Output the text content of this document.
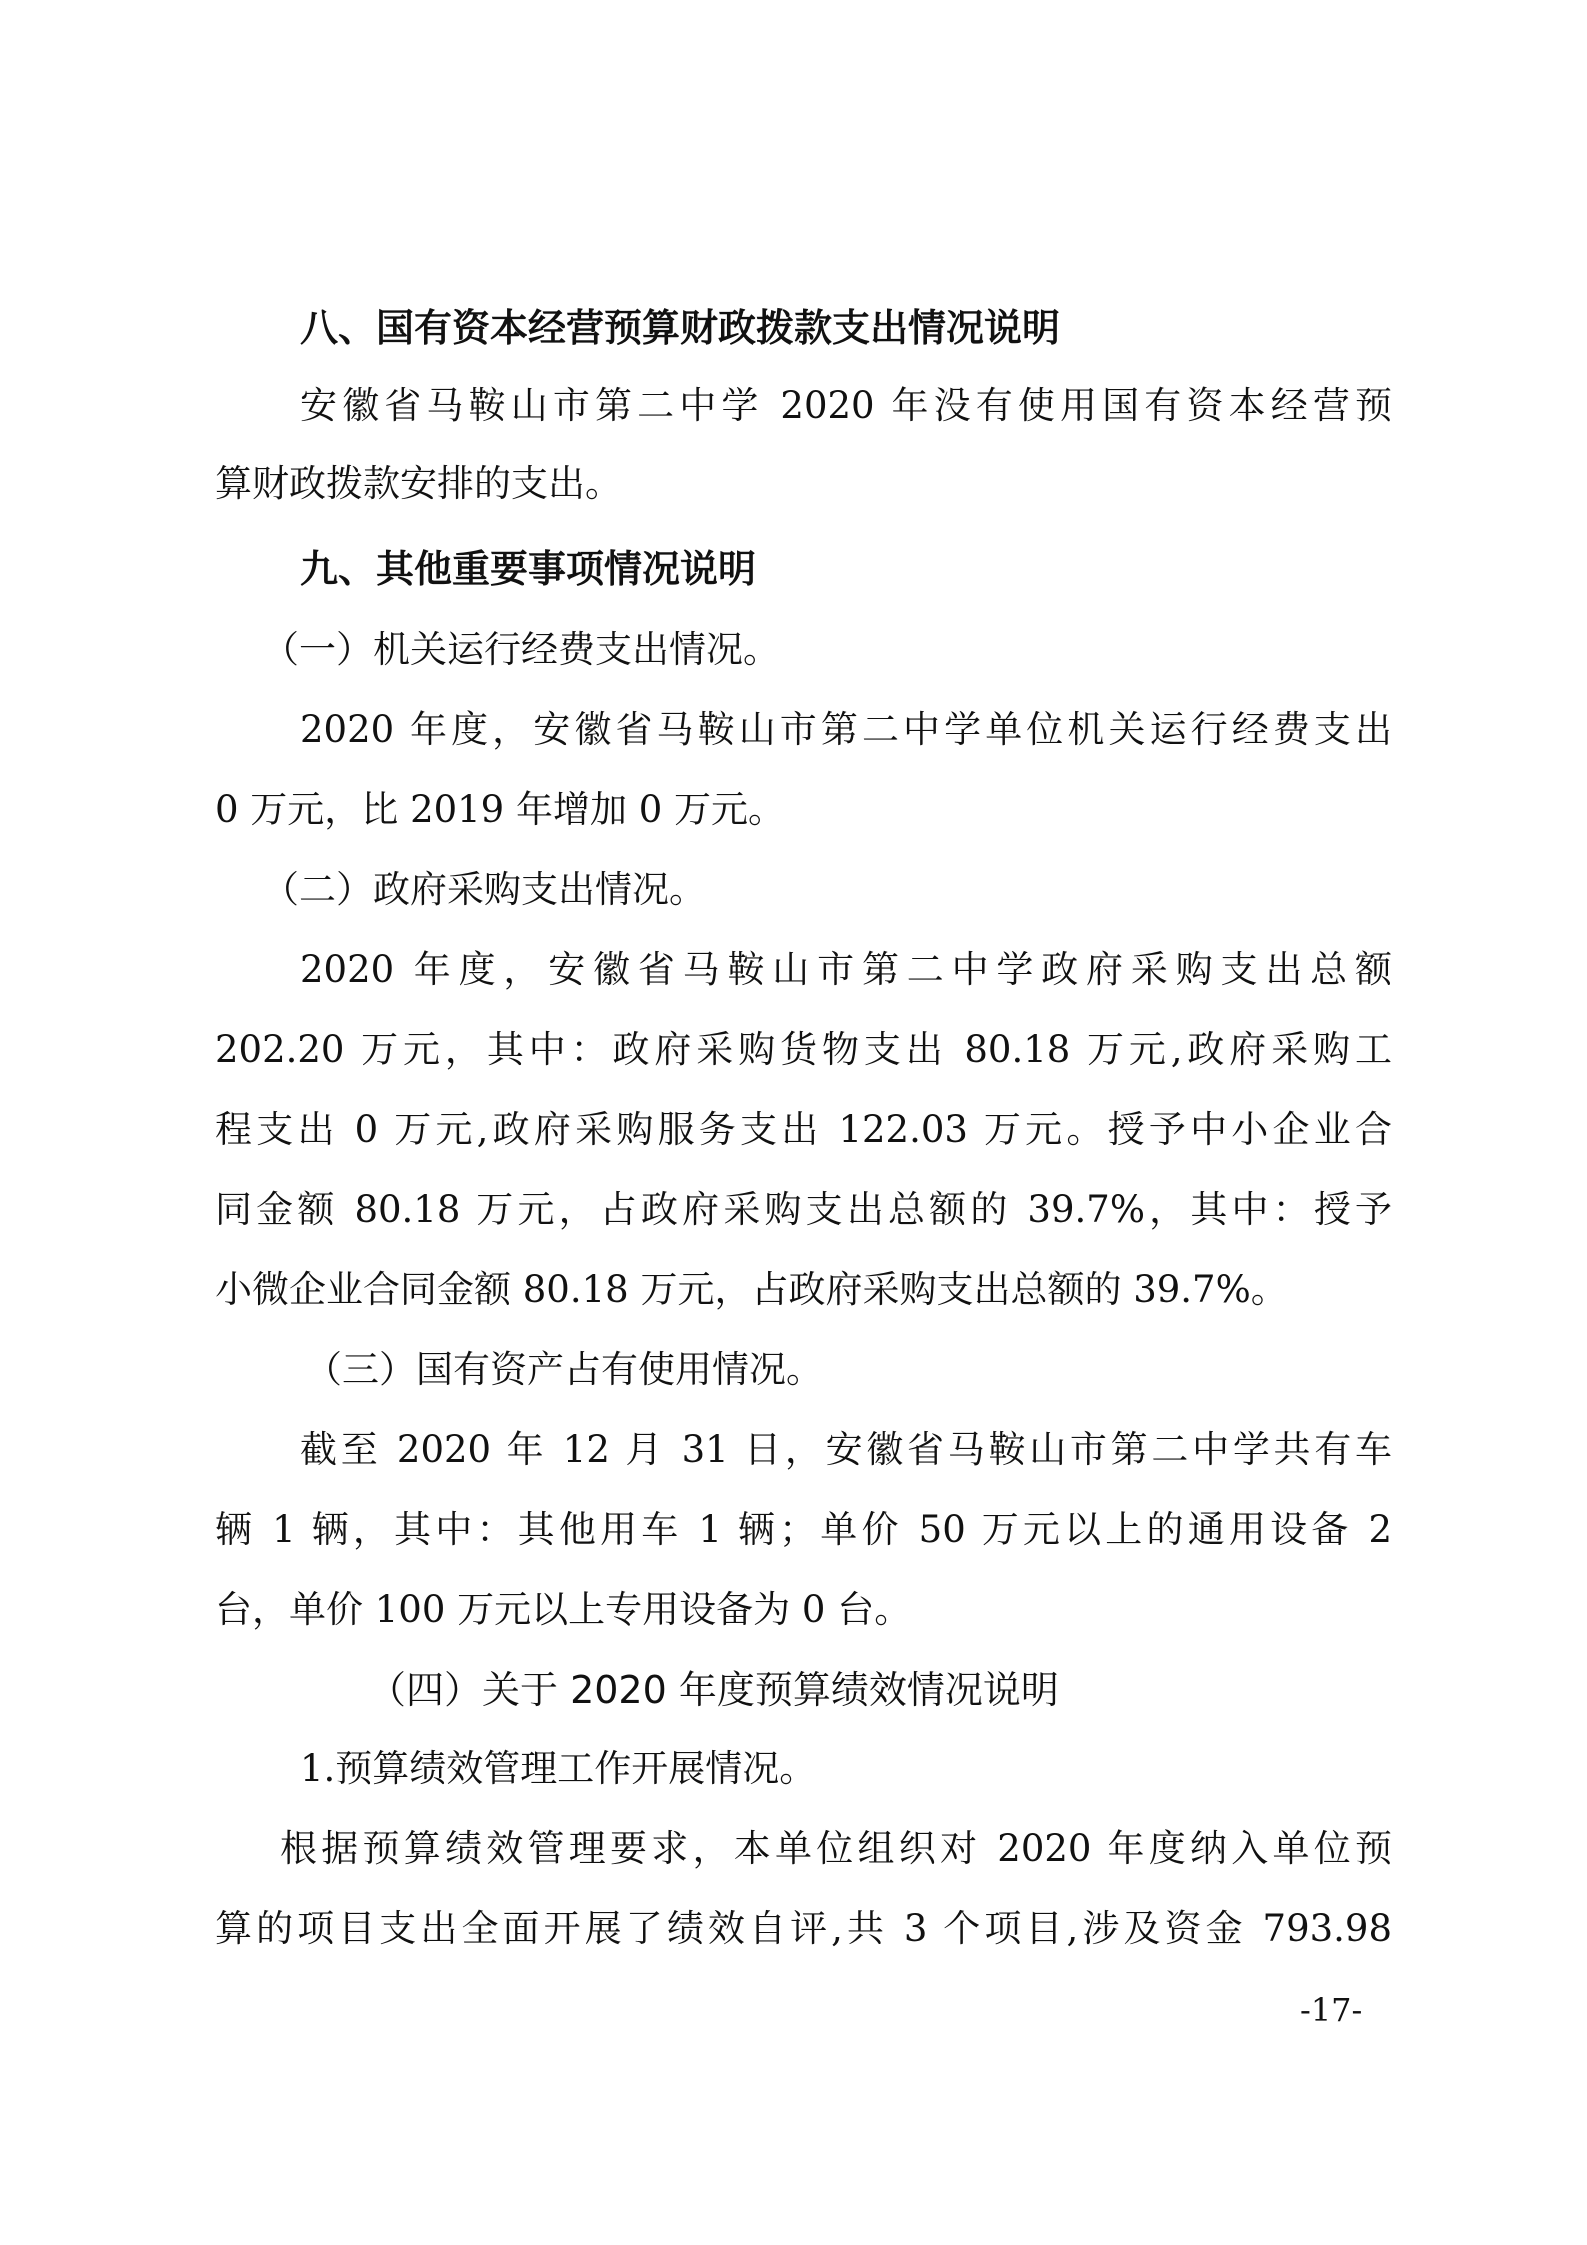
八、国有资本经营预算财政拨款支出情况说明
安徽省马鞍山市第二中学 2020 年没有使用国有资本经营预
算财政拨款安排的支出。
九、其他重要事项情况说明
（一）机关运行经费支出情况。
2020 年度，安徽省马鞍山市第二中学单位机关运行经费支出
0 万元，比 2019 年增加 0 万元。
（二）政府采购支出情况。
2020 年度，安徽省马鞍山市第二中学政府采购支出总额
202.20 万元，其中：政府采购货物支出 80.18 万元,政府采购工
程支出 0 万元,政府采购服务支出 122.03 万元。授予中小企业合
同金额 80.18 万元，占政府采购支出总额的 39.7%，其中：授予
小微企业合同金额 80.18 万元，占政府采购支出总额的 39.7%。
（三）国有资产占有使用情况。
截至 2020 年 12 月 31 日，安徽省马鞍山市第二中学共有车
辆 1 辆，其中：其他用车 1 辆；单价 50 万元以上的通用设备 2
台，单价 100 万元以上专用设备为 0 台。
（四）关于 2020 年度预算绩效情况说明
1.预算绩效管理工作开展情况。
根据预算绩效管理要求，本单位组织对 2020 年度纳入单位预
算的项目支出全面开展了绩效自评,共 3 个项目,涉及资金 793.98
-17-
